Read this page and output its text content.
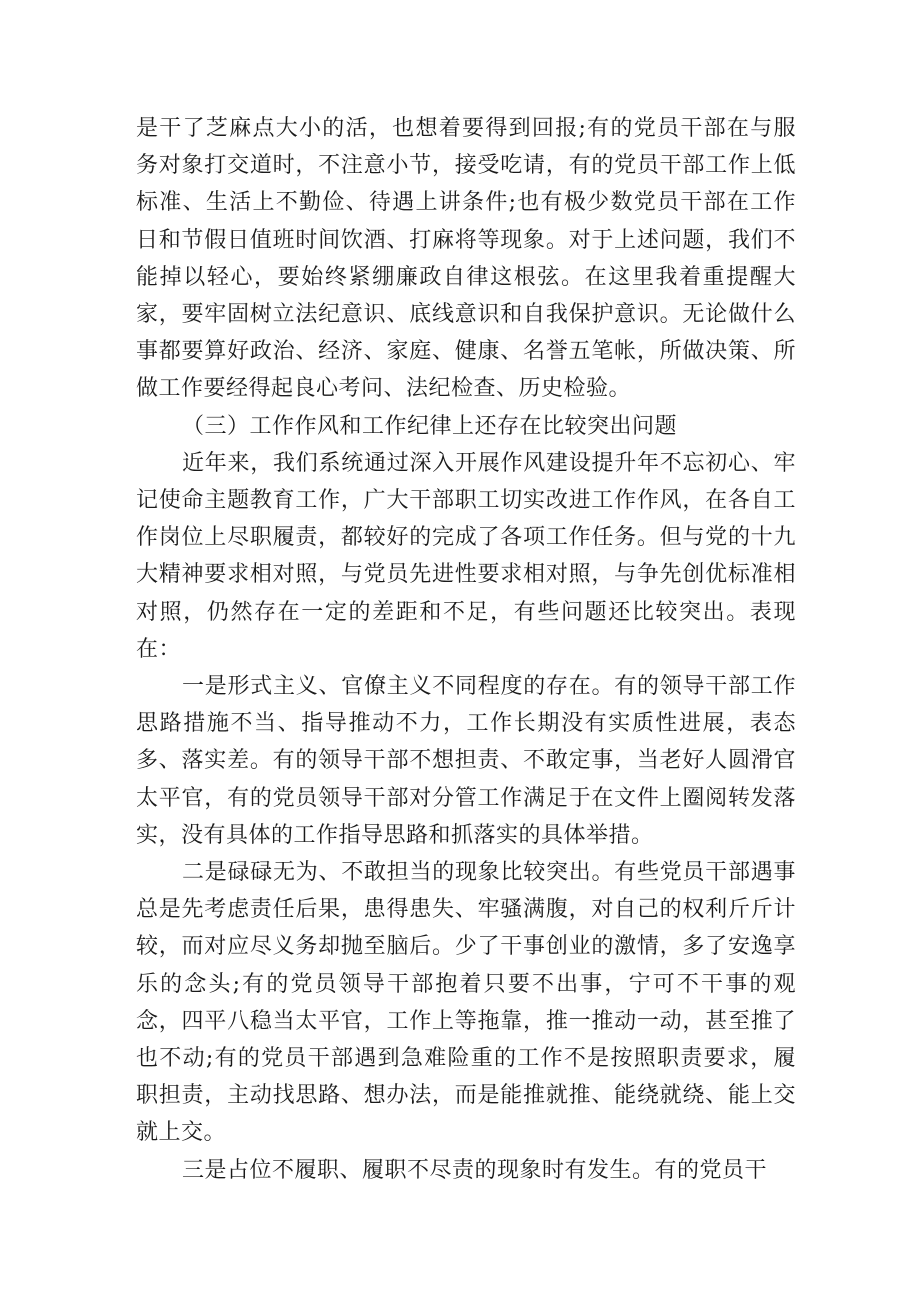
是干了芝麻点大小的活，也想着要得到回报;有的党员干部在与服务对象打交道时，不注意小节，接受吃请，有的党员干部工作上低标准、生活上不勤俭、待遇上讲条件;也有极少数党员干部在工作日和节假日值班时间饮酒、打麻将等现象。对于上述问题，我们不能掉以轻心，要始终紧绷廉政自律这根弦。在这里我着重提醒大家，要牢固树立法纪意识、底线意识和自我保护意识。无论做什么事都要算好政治、经济、家庭、健康、名誉五笔帐，所做决策、所做工作要经得起良心考问、法纪检查、历史检验。

（三）工作作风和工作纪律上还存在比较突出问题

近年来，我们系统通过深入开展作风建设提升年不忘初心、牢记使命主题教育工作，广大干部职工切实改进工作作风，在各自工作岗位上尽职履责，都较好的完成了各项工作任务。但与党的十九大精神要求相对照，与党员先进性要求相对照，与争先创优标准相对照，仍然存在一定的差距和不足，有些问题还比较突出。表现在：

一是形式主义、官僚主义不同程度的存在。有的领导干部工作思路措施不当、指导推动不力，工作长期没有实质性进展，表态多、落实差。有的领导干部不想担责、不敢定事，当老好人圆滑官太平官，有的党员领导干部对分管工作满足于在文件上圈阅转发落实，没有具体的工作指导思路和抓落实的具体举措。

二是碌碌无为、不敢担当的现象比较突出。有些党员干部遇事总是先考虑责任后果，患得患失、牢骚满腹，对自己的权利斤斤计较，而对应尽义务却抛至脑后。少了干事创业的激情，多了安逸享乐的念头;有的党员领导干部抱着只要不出事，宁可不干事的观念，四平八稳当太平官，工作上等拖靠，推一推动一动，甚至推了也不动;有的党员干部遇到急难险重的工作不是按照职责要求，履职担责，主动找思路、想办法，而是能推就推、能绕就绕、能上交就上交。

三是占位不履职、履职不尽责的现象时有发生。有的党员干
